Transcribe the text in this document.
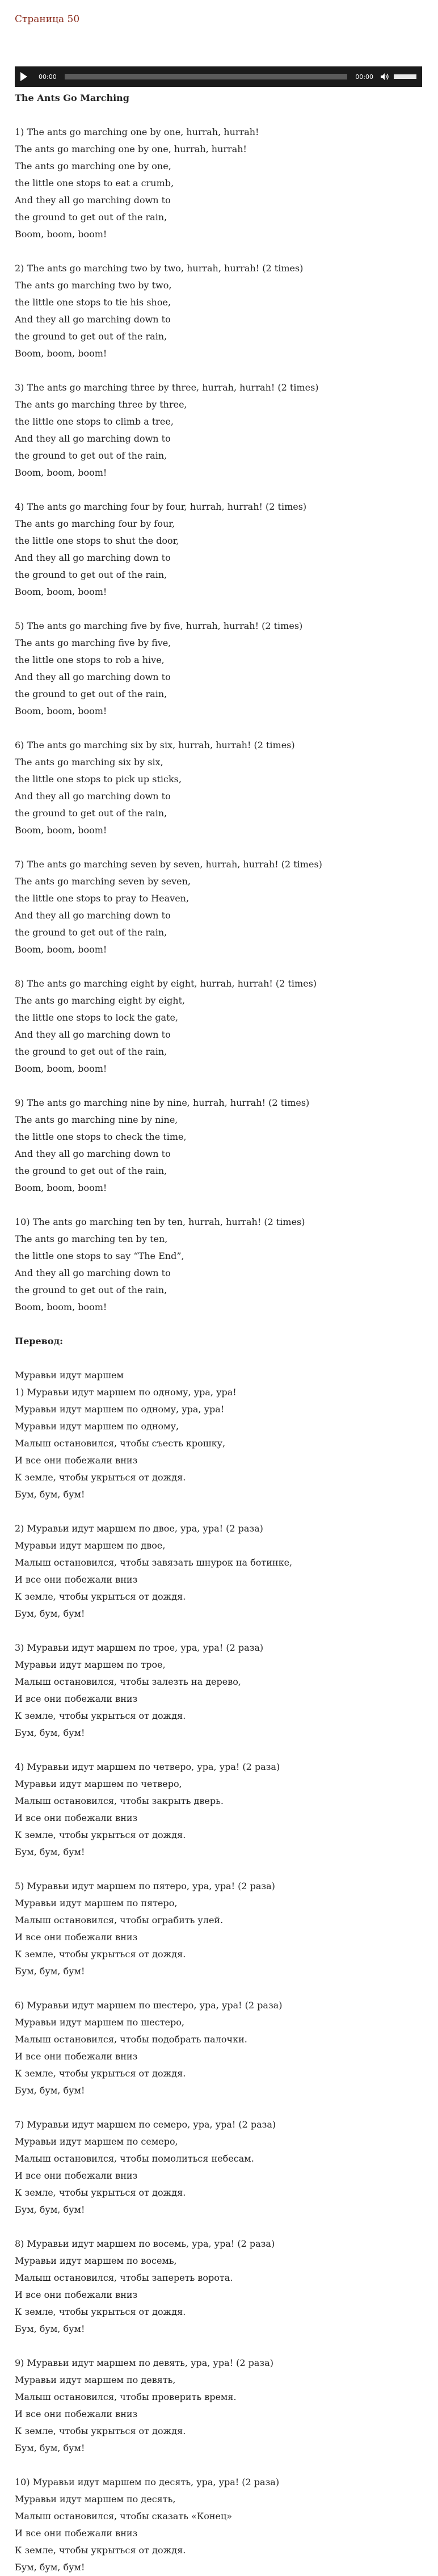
Страница 50
00:00	00:00
The Ants Go Marching
1) The ants go marching one by one, hurrah, hurrah!
The ants go marching one by one, hurrah, hurrah!
The ants go marching one by one,
the little one stops to eat a crumb,
And they all go marching down to
the ground to get out of the rain,
Boom, boom, boom!
2) The ants go marching two by two, hurrah, hurrah! (2 times)
The ants go marching two by two,
the little one stops to tie his shoe,
And they all go marching down to
the ground to get out of the rain,
Boom, boom, boom!
3) The ants go marching three by three, hurrah, hurrah! (2 times)
The ants go marching three by three,
the little one stops to climb a tree,
And they all go marching down to
the ground to get out of the rain,
Boom, boom, boom!
4) The ants go marching four by four, hurrah, hurrah! (2 times)
The ants go marching four by four,
the little one stops to shut the door,
And they all go marching down to
the ground to get out of the rain,
Boom, boom, boom!
5) The ants go marching five by five, hurrah, hurrah! (2 times)
The ants go marching five by five,
the little one stops to rob a hive,
And they all go marching down to
the ground to get out of the rain,
Boom, boom, boom!
6) The ants go marching six by six, hurrah, hurrah! (2 times)
The ants go marching six by six,
the little one stops to pick up sticks,
And they all go marching down to
the ground to get out of the rain,
Boom, boom, boom!
7) The ants go marching seven by seven, hurrah, hurrah! (2 times)
The ants go marching seven by seven,
the little one stops to pray to Heaven,
And they all go marching down to
the ground to get out of the rain,
Boom, boom, boom!
8) The ants go marching eight by eight, hurrah, hurrah! (2 times)
The ants go marching eight by eight,
the little one stops to lock the gate,
And they all go marching down to
the ground to get out of the rain,
Boom, boom, boom!
9) The ants go marching nine by nine, hurrah, hurrah! (2 times)
The ants go marching nine by nine,
the little one stops to check the time,
And they all go marching down to
the ground to get out of the rain,
Boom, boom, boom!
10) The ants go marching ten by ten, hurrah, hurrah! (2 times)
The ants go marching ten by ten,
the little one stops to say “The End”,
And they all go marching down to
the ground to get out of the rain,
Boom, boom, boom!
Перевод:
Муравьи идут маршем
1) Муравьи идут маршем по одному, ура, ура!
Муравьи идут маршем по одному, ура, ура!
Муравьи идут маршем по одному,
Малыш остановился, чтобы съесть крошку,
И все они побежали вниз
К земле, чтобы укрыться от дождя.
Бум, бум, бум!
2) Муравьи идут маршем по двое, ура, ура! (2 раза)
Муравьи идут маршем по двое,
Малыш остановился, чтобы завязать шнурок на ботинке,
И все они побежали вниз
К земле, чтобы укрыться от дождя.
Бум, бум, бум!
3) Муравьи идут маршем по трое, ура, ура! (2 раза)
Муравьи идут маршем по трое,
Малыш остановился, чтобы залезть на дерево,
И все они побежали вниз
К земле, чтобы укрыться от дождя.
Бум, бум, бум!
4) Муравьи идут маршем по четверо, ура, ура! (2 раза)
Муравьи идут маршем по четверо,
Малыш остановился, чтобы закрыть дверь.
И все они побежали вниз
К земле, чтобы укрыться от дождя.
Бум, бум, бум!
5) Муравьи идут маршем по пятеро, ура, ура! (2 раза)
Муравьи идут маршем по пятеро,
Малыш остановился, чтобы ограбить улей.
И все они побежали вниз
К земле, чтобы укрыться от дождя.
Бум, бум, бум!
6) Муравьи идут маршем по шестеро, ура, ура! (2 раза)
Муравьи идут маршем по шестеро,
Малыш остановился, чтобы подобрать палочки.
И все они побежали вниз
К земле, чтобы укрыться от дождя.
Бум, бум, бум!
7) Муравьи идут маршем по семеро, ура, ура! (2 раза)
Муравьи идут маршем по семеро,
Малыш остановился, чтобы помолиться небесам.
И все они побежали вниз
К земле, чтобы укрыться от дождя.
Бум, бум, бум!
8) Муравьи идут маршем по восемь, ура, ура! (2 раза)
Муравьи идут маршем по восемь,
Малыш остановился, чтобы запереть ворота.
И все они побежали вниз
К земле, чтобы укрыться от дождя.
Бум, бум, бум!
9) Муравьи идут маршем по девять, ура, ура! (2 раза)
Муравьи идут маршем по девять,
Малыш остановился, чтобы проверить время.
И все они побежали вниз
К земле, чтобы укрыться от дождя.
Бум, бум, бум!
10) Муравьи идут маршем по десять, ура, ура! (2 раза)
Муравьи идут маршем по десять,
Малыш остановился, чтобы сказать «Конец»
И все они побежали вниз
К земле, чтобы укрыться от дождя.
Бум, бум, бум!
